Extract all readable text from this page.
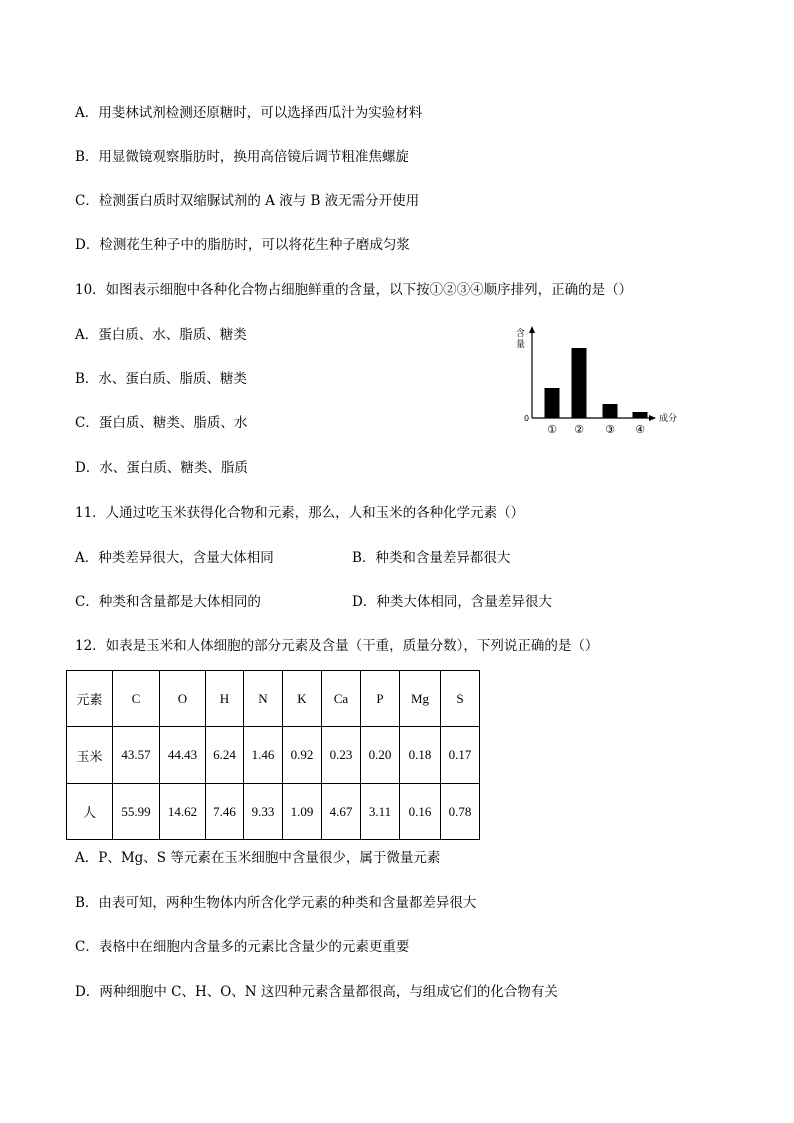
A．用斐林试剂检测还原糖时，可以选择西瓜汁为实验材料
B．用显微镜观察脂肪时，换用高倍镜后调节粗准焦螺旋
C．检测蛋白质时双缩脲试剂的 A 液与 B 液无需分开使用
D．检测花生种子中的脂肪时，可以将花生种子磨成匀浆
10．如图表示细胞中各种化合物占细胞鲜重的含量，以下按①②③④顺序排列，正确的是（）
A．蛋白质、水、脂质、糖类
B．水、蛋白质、脂质、糖类
C．蛋白质、糖类、脂质、水
D．水、蛋白质、糖类、脂质
含
量
成分
0
① ② ③ ④
11．人通过吃玉米获得化合物和元素，那么，人和玉米的各种化学元素（）
A．种类差异很大，含量大体相同	B．种类和含量差异都很大
C．种类和含量都是大体相同的	D．种类大体相同，含量差异很大
12．如表是玉米和人体细胞的部分元素及含量（干重，质量分数），下列说正确的是（）
元素	C	O	H	N	K	Ca	P	Mg	S
玉米	43.57	44.43	6.24	1.46	0.92	0.23	0.20	0.18	0.17
人	55.99	14.62	7.46	9.33	1.09	4.67	3.11	0.16	0.78
A．P、Mg、S 等元素在玉米细胞中含量很少，属于微量元素
B．由表可知，两种生物体内所含化学元素的种类和含量都差异很大
C．表格中在细胞内含量多的元素比含量少的元素更重要
D．两种细胞中 C、H、O、N 这四种元素含量都很高，与组成它们的化合物有关
